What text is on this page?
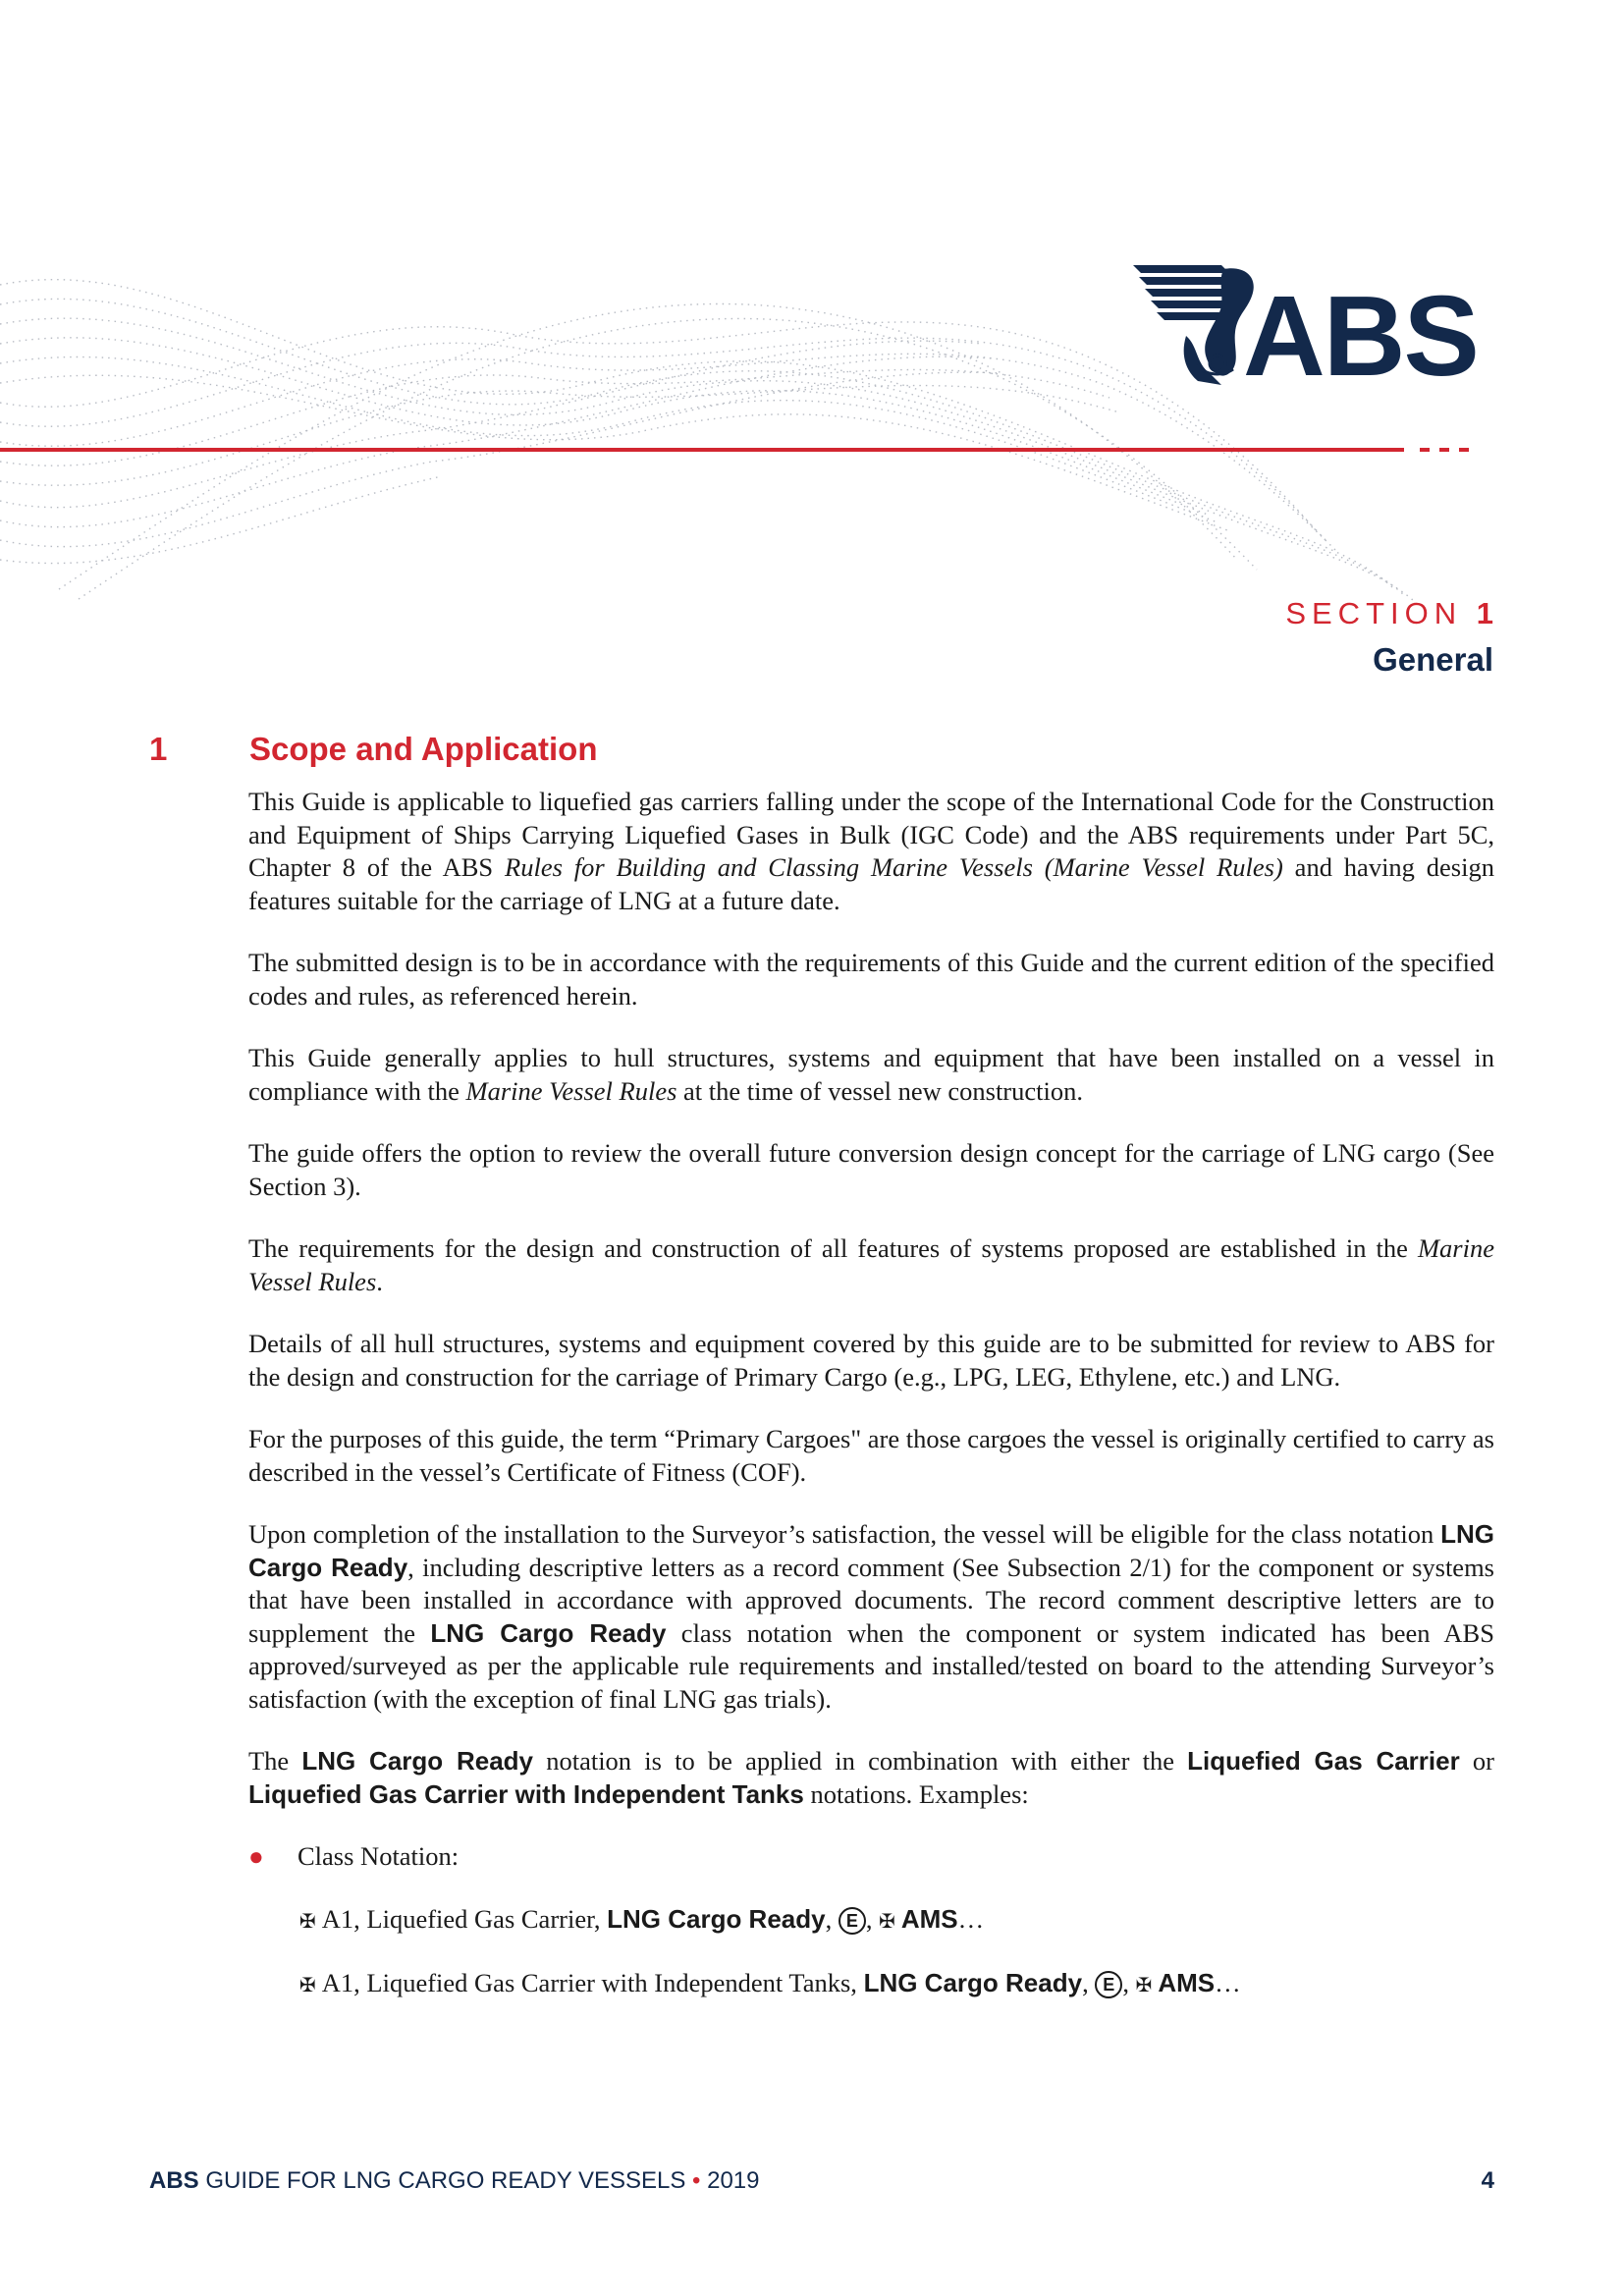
ABS
SECTION 1
General
1	Scope and Application

This Guide is applicable to liquefied gas carriers falling under the scope of the International Code for the Construction and Equipment of Ships Carrying Liquefied Gases in Bulk (IGC Code) and the ABS requirements under Part 5C, Chapter 8 of the ABS Rules for Building and Classing Marine Vessels (Marine Vessel Rules) and having design features suitable for the carriage of LNG at a future date.

The submitted design is to be in accordance with the requirements of this Guide and the current edition of the specified codes and rules, as referenced herein.

This Guide generally applies to hull structures, systems and equipment that have been installed on a vessel in compliance with the Marine Vessel Rules at the time of vessel new construction.

The guide offers the option to review the overall future conversion design concept for the carriage of LNG cargo (See Section 3).

The requirements for the design and construction of all features of systems proposed are established in the Marine Vessel Rules.

Details of all hull structures, systems and equipment covered by this guide are to be submitted for review to ABS for the design and construction for the carriage of Primary Cargo (e.g., LPG, LEG, Ethylene, etc.) and LNG.

For the purposes of this guide, the term “Primary Cargoes" are those cargoes the vessel is originally certified to carry as described in the vessel’s Certificate of Fitness (COF).

Upon completion of the installation to the Surveyor’s satisfaction, the vessel will be eligible for the class notation LNG Cargo Ready, including descriptive letters as a record comment (See Subsection 2/1) for the component or systems that have been installed in accordance with approved documents. The record comment descriptive letters are to supplement the LNG Cargo Ready class notation when the component or system indicated has been ABS approved/surveyed as per the applicable rule requirements and installed/tested on board to the attending Surveyor’s satisfaction (with the exception of final LNG gas trials).

The LNG Cargo Ready notation is to be applied in combination with either the Liquefied Gas Carrier or Liquefied Gas Carrier with Independent Tanks notations. Examples:

●	Class Notation:
✠ A1, Liquefied Gas Carrier, LNG Cargo Ready, E , ✠ AMS…
✠ A1, Liquefied Gas Carrier with Independent Tanks, LNG Cargo Ready, E , ✠ AMS…
ABS GUIDE FOR LNG CARGO READY VESSELS • 2019	4
